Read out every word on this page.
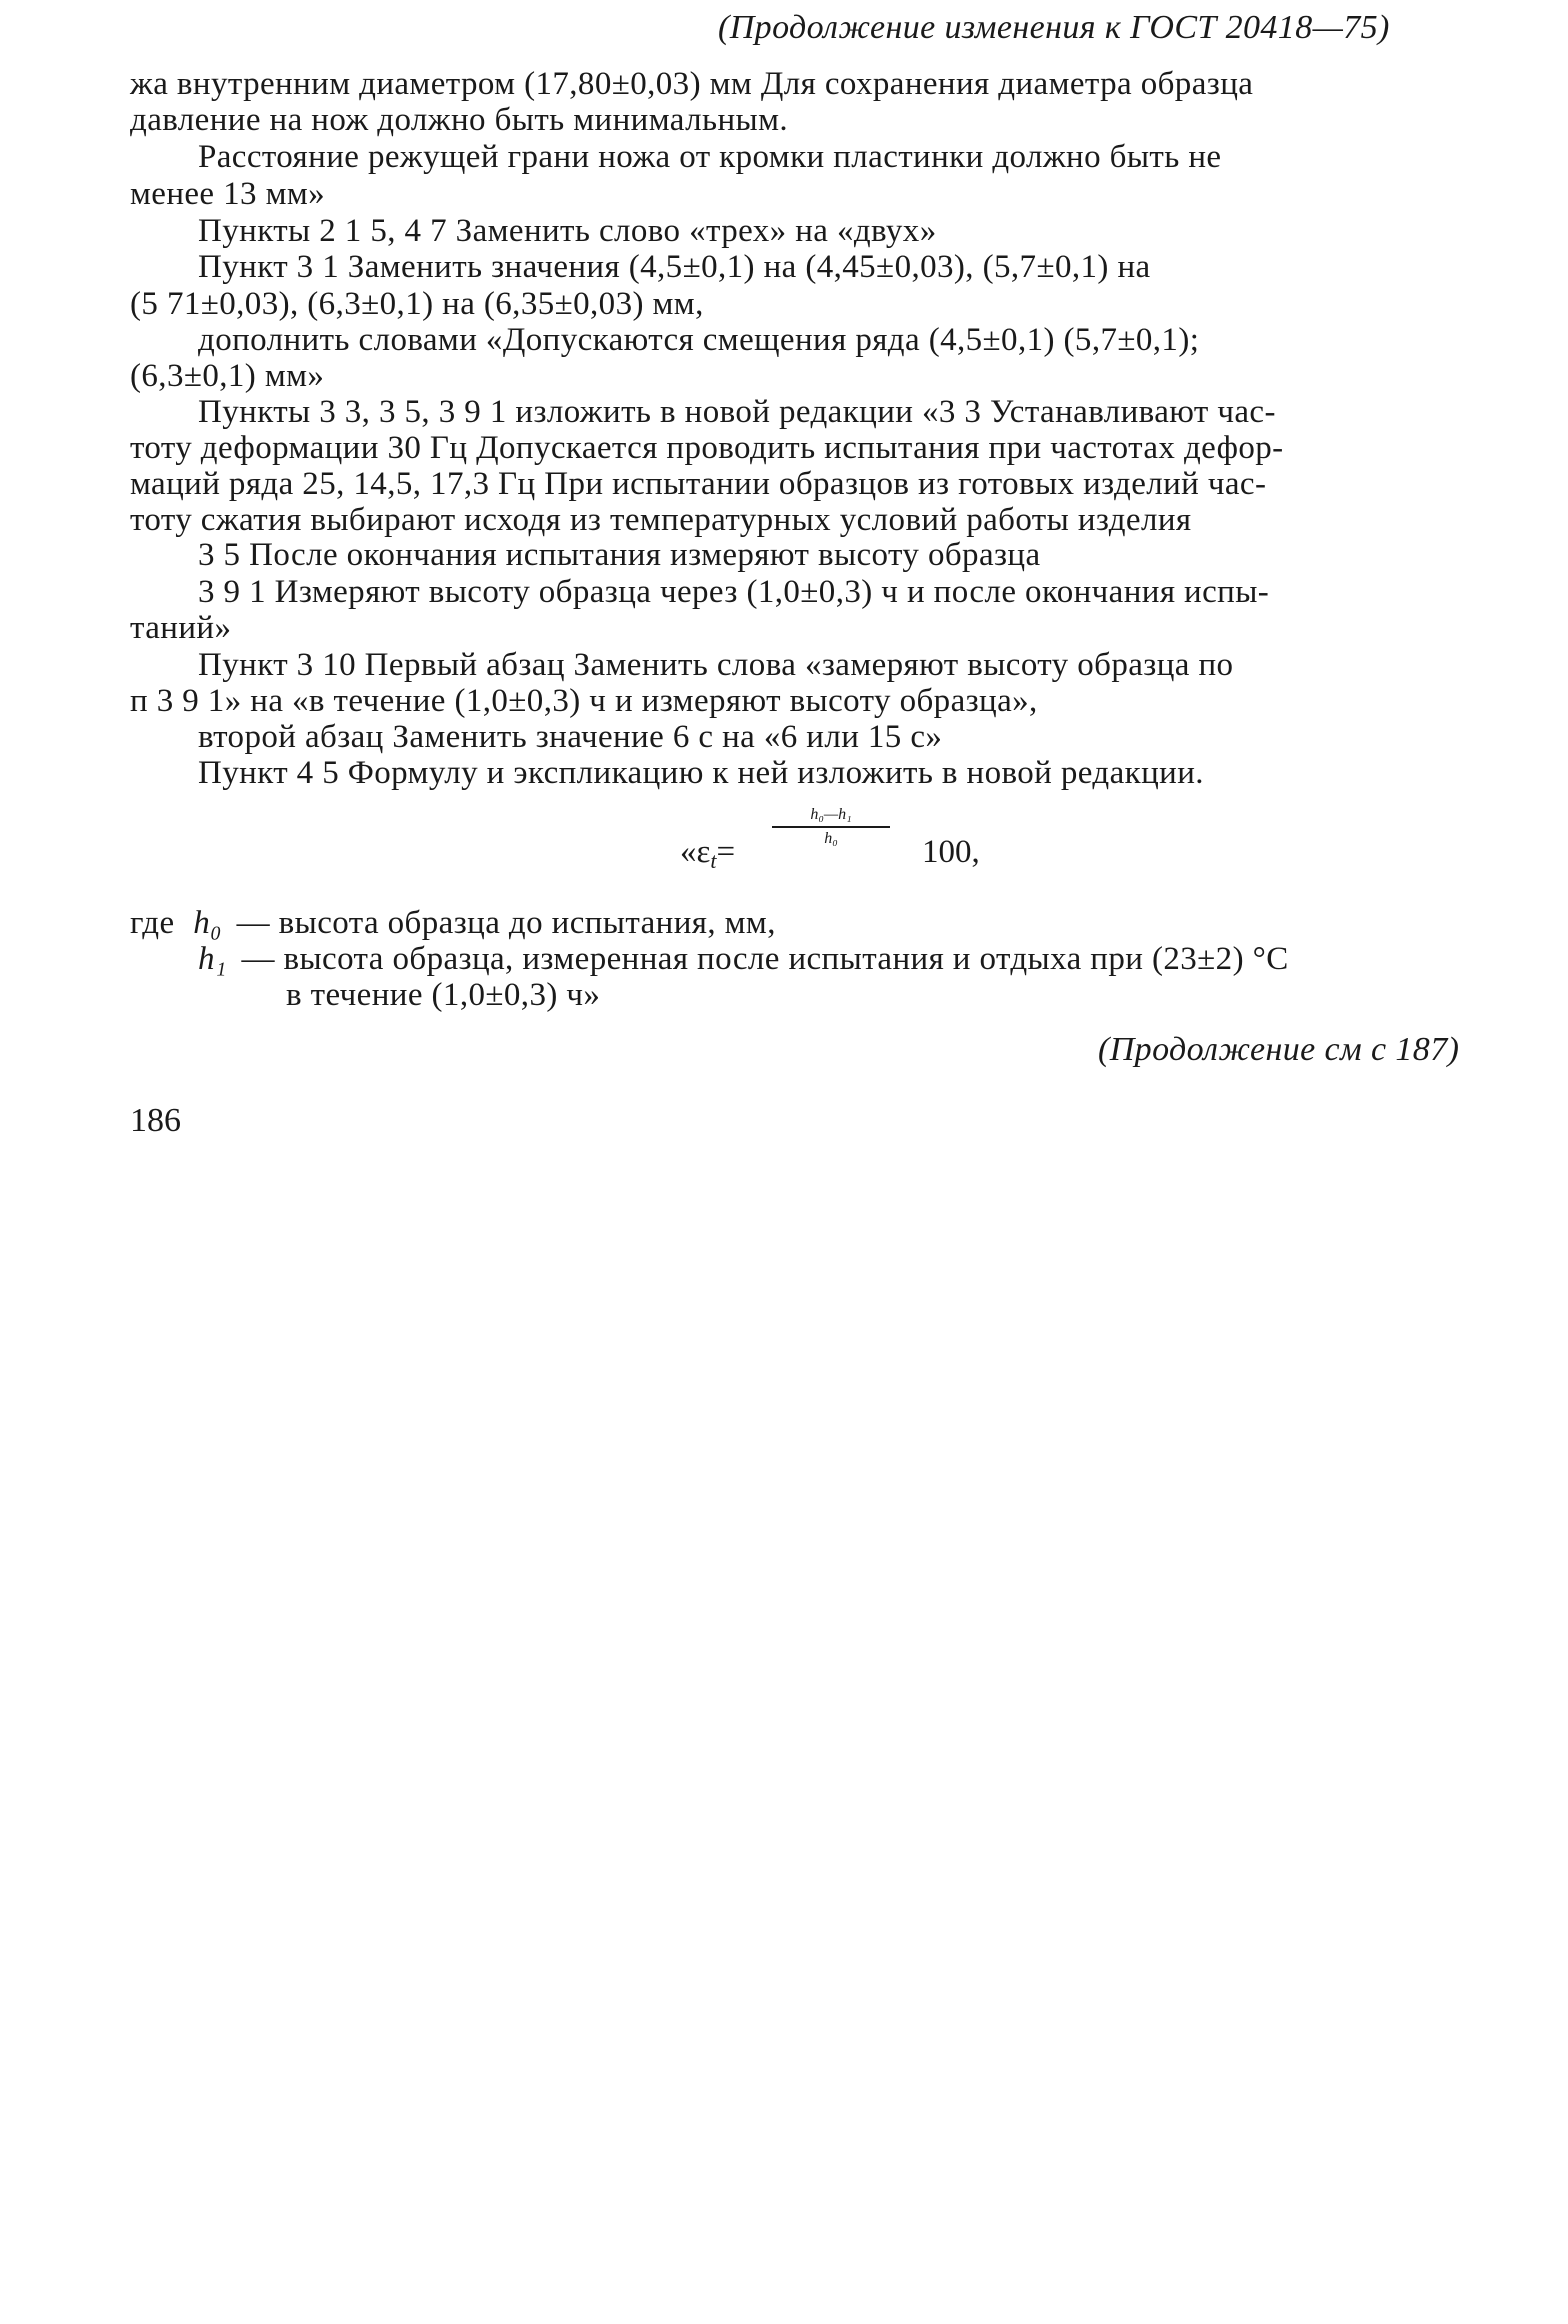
(Продолжение изменения к ГОСТ 20418—75)
жа внутренним диаметром (17,80±0,03) мм Для сохранения диаметра образца
давление на нож должно быть минимальным.
Расстояние режущей грани ножа от кромки пластинки должно быть не
менее 13 мм»
Пункты 2 1 5, 4 7 Заменить слово «трех» на «двух»
Пункт 3 1 Заменить значения (4,5±0,1) на (4,45±0,03), (5,7±0,1) на
(5 71±0,03), (6,3±0,1) на (6,35±0,03) мм,
дополнить словами «Допускаются смещения ряда (4,5±0,1) (5,7±0,1);
(6,3±0,1) мм»
Пункты 3 3, 3 5, 3 9 1 изложить в новой редакции «3 3 Устанавливают час-
тоту деформации 30 Гц Допускается проводить испытания при частотах дефор-
маций ряда 25, 14,5, 17,3 Гц При испытании образцов из готовых изделий час-
тоту сжатия выбирают исходя из температурных условий работы изделия
3 5 После окончания испытания измеряют высоту образца
3 9 1 Измеряют высоту образца через (1,0±0,3) ч и после окончания испы-
таний»
Пункт 3 10 Первый абзац Заменить слова «замеряют высоту образца по
п 3 9 1» на «в течение (1,0±0,3) ч и измеряют высоту образца»,
второй абзац Заменить значение 6 с на «6 или 15 с»
Пункт 4 5 Формулу и экспликацию к ней изложить в новой редакции.
«$\varepsilon_t=$
h₀—h₁
h₀	100,
где h₀ — высота образца до испытания, мм,
h₁ — высота образца, измеренная после испытания и отдыха при (23±2) °С
в течение (1,0±0,3) ч»
(Продолжение см с 187)
186
